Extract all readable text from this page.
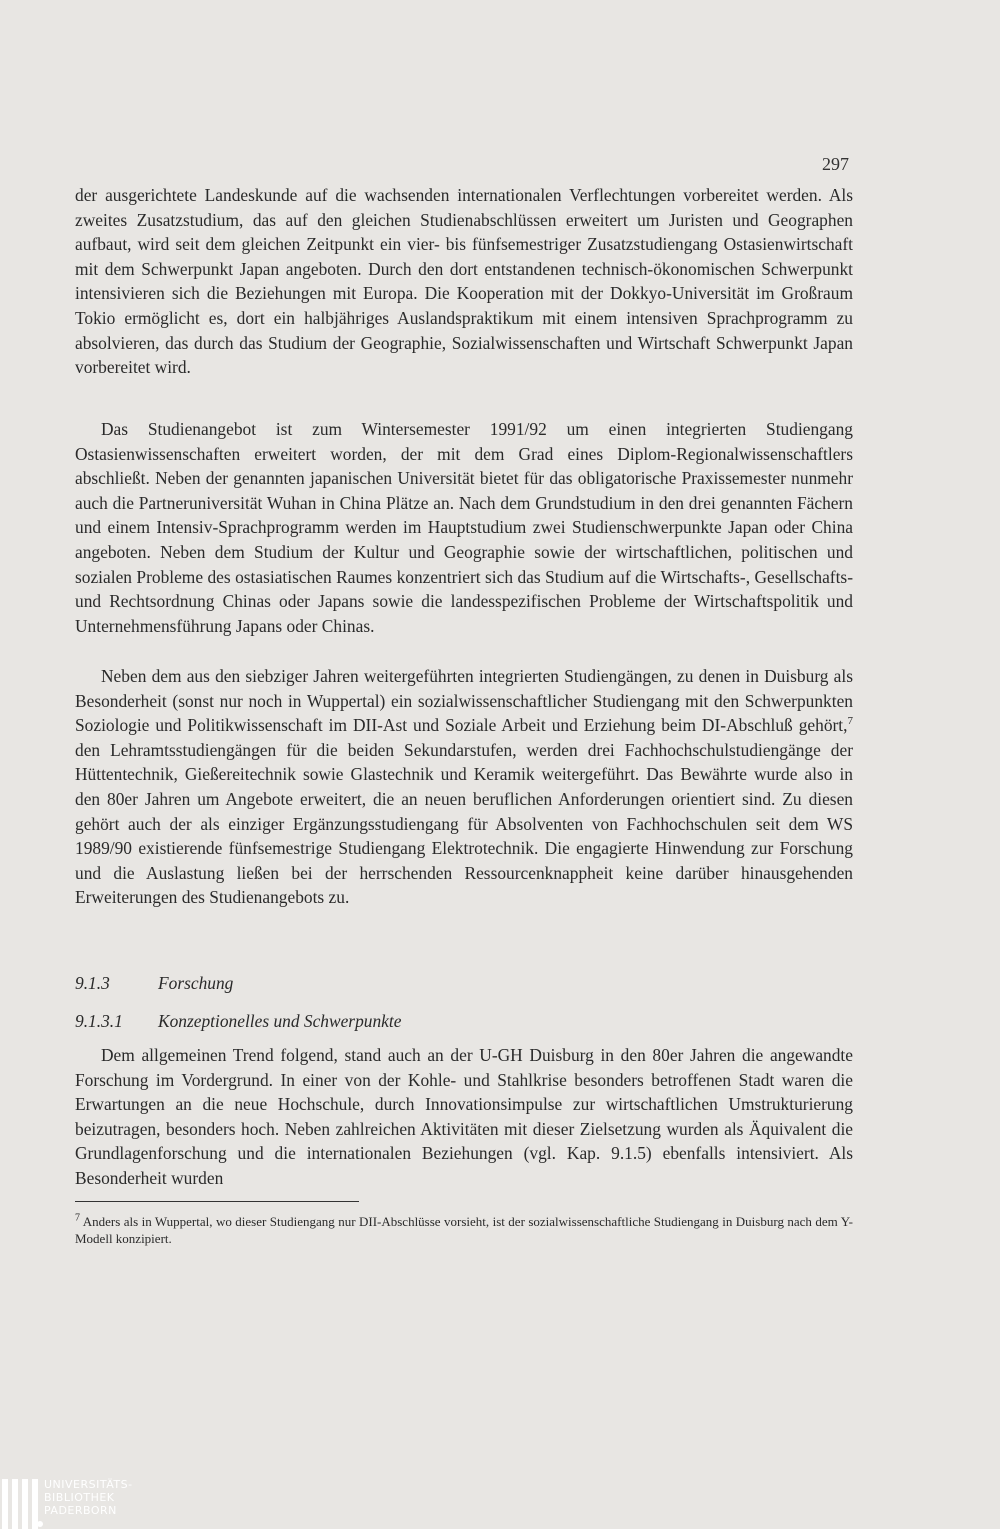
297

der ausgerichtete Landeskunde auf die wachsenden internationalen Verflechtungen vorbereitet werden. Als zweites Zusatzstudium, das auf den gleichen Studienabschlüssen erweitert um Juristen und Geographen aufbaut, wird seit dem gleichen Zeitpunkt ein vier- bis fünfsemestriger Zusatzstudiengang Ostasienwirtschaft mit dem Schwerpunkt Japan angeboten. Durch den dort entstandenen technisch-ökonomischen Schwerpunkt intensivieren sich die Beziehungen mit Europa. Die Kooperation mit der Dokkyo-Universität im Großraum Tokio ermöglicht es, dort ein halbjähriges Auslandspraktikum mit einem intensiven Sprachprogramm zu absolvieren, das durch das Studium der Geographie, Sozialwissenschaften und Wirtschaft Schwerpunkt Japan vorbereitet wird.

Das Studienangebot ist zum Wintersemester 1991/92 um einen integrierten Studiengang Ostasienwissenschaften erweitert worden, der mit dem Grad eines Diplom-Regionalwissenschaftlers abschließt. Neben der genannten japanischen Universität bietet für das obligatorische Praxissemester nunmehr auch die Partneruniversität Wuhan in China Plätze an. Nach dem Grundstudium in den drei genannten Fächern und einem Intensiv-Sprachprogramm werden im Hauptstudium zwei Studienschwerpunkte Japan oder China angeboten. Neben dem Studium der Kultur und Geographie sowie der wirtschaftlichen, politischen und sozialen Probleme des ostasiatischen Raumes konzentriert sich das Studium auf die Wirtschafts-, Gesellschafts- und Rechtsordnung Chinas oder Japans sowie die landesspezifischen Probleme der Wirtschaftspolitik und Unternehmensführung Japans oder Chinas.

Neben dem aus den siebziger Jahren weitergeführten integrierten Studiengängen, zu denen in Duisburg als Besonderheit (sonst nur noch in Wuppertal) ein sozialwissenschaftlicher Studiengang mit den Schwerpunkten Soziologie und Politikwissenschaft im DII-Ast und Soziale Arbeit und Erziehung beim DI-Abschluß gehört,$^7$ den Lehramtsstudiengängen für die beiden Sekundarstufen, werden drei Fachhochschulstudiengänge der Hüttentechnik, Gießereitechnik sowie Glastechnik und Keramik weitergeführt. Das Bewährte wurde also in den 80er Jahren um Angebote erweitert, die an neuen beruflichen Anforderungen orientiert sind. Zu diesen gehört auch der als einziger Ergänzungsstudiengang für Absolventen von Fachhochschulen seit dem WS 1989/90 existierende fünfsemestrige Studiengang Elektrotechnik. Die engagierte Hinwendung zur Forschung und die Auslastung ließen bei der herrschenden Ressourcenknappheit keine darüber hinausgehenden Erweiterungen des Studienangebots zu.

9.1.3	Forschung
9.1.3.1 Konzeptionelles und Schwerpunkte

Dem allgemeinen Trend folgend, stand auch an der U-GH Duisburg in den 80er Jahren die angewandte Forschung im Vordergrund. In einer von der Kohle- und Stahlkrise besonders betroffenen Stadt waren die Erwartungen an die neue Hochschule, durch Innovationsimpulse zur wirtschaftlichen Umstrukturierung beizutragen, besonders hoch. Neben zahlreichen Aktivitäten mit dieser Zielsetzung wurden als Äquivalent die Grundlagenforschung und die internationalen Beziehungen (vgl. Kap. 9.1.5) ebenfalls intensiviert. Als Besonderheit wurden

$^7$ Anders als in Wuppertal, wo dieser Studiengang nur DII-Abschlüsse vorsieht, ist der sozialwissenschaftliche Studiengang in Duisburg nach dem Y-Modell konzipiert.
UNIVERSITÄTS-
BIBLIOTHEK
PADERBORN
